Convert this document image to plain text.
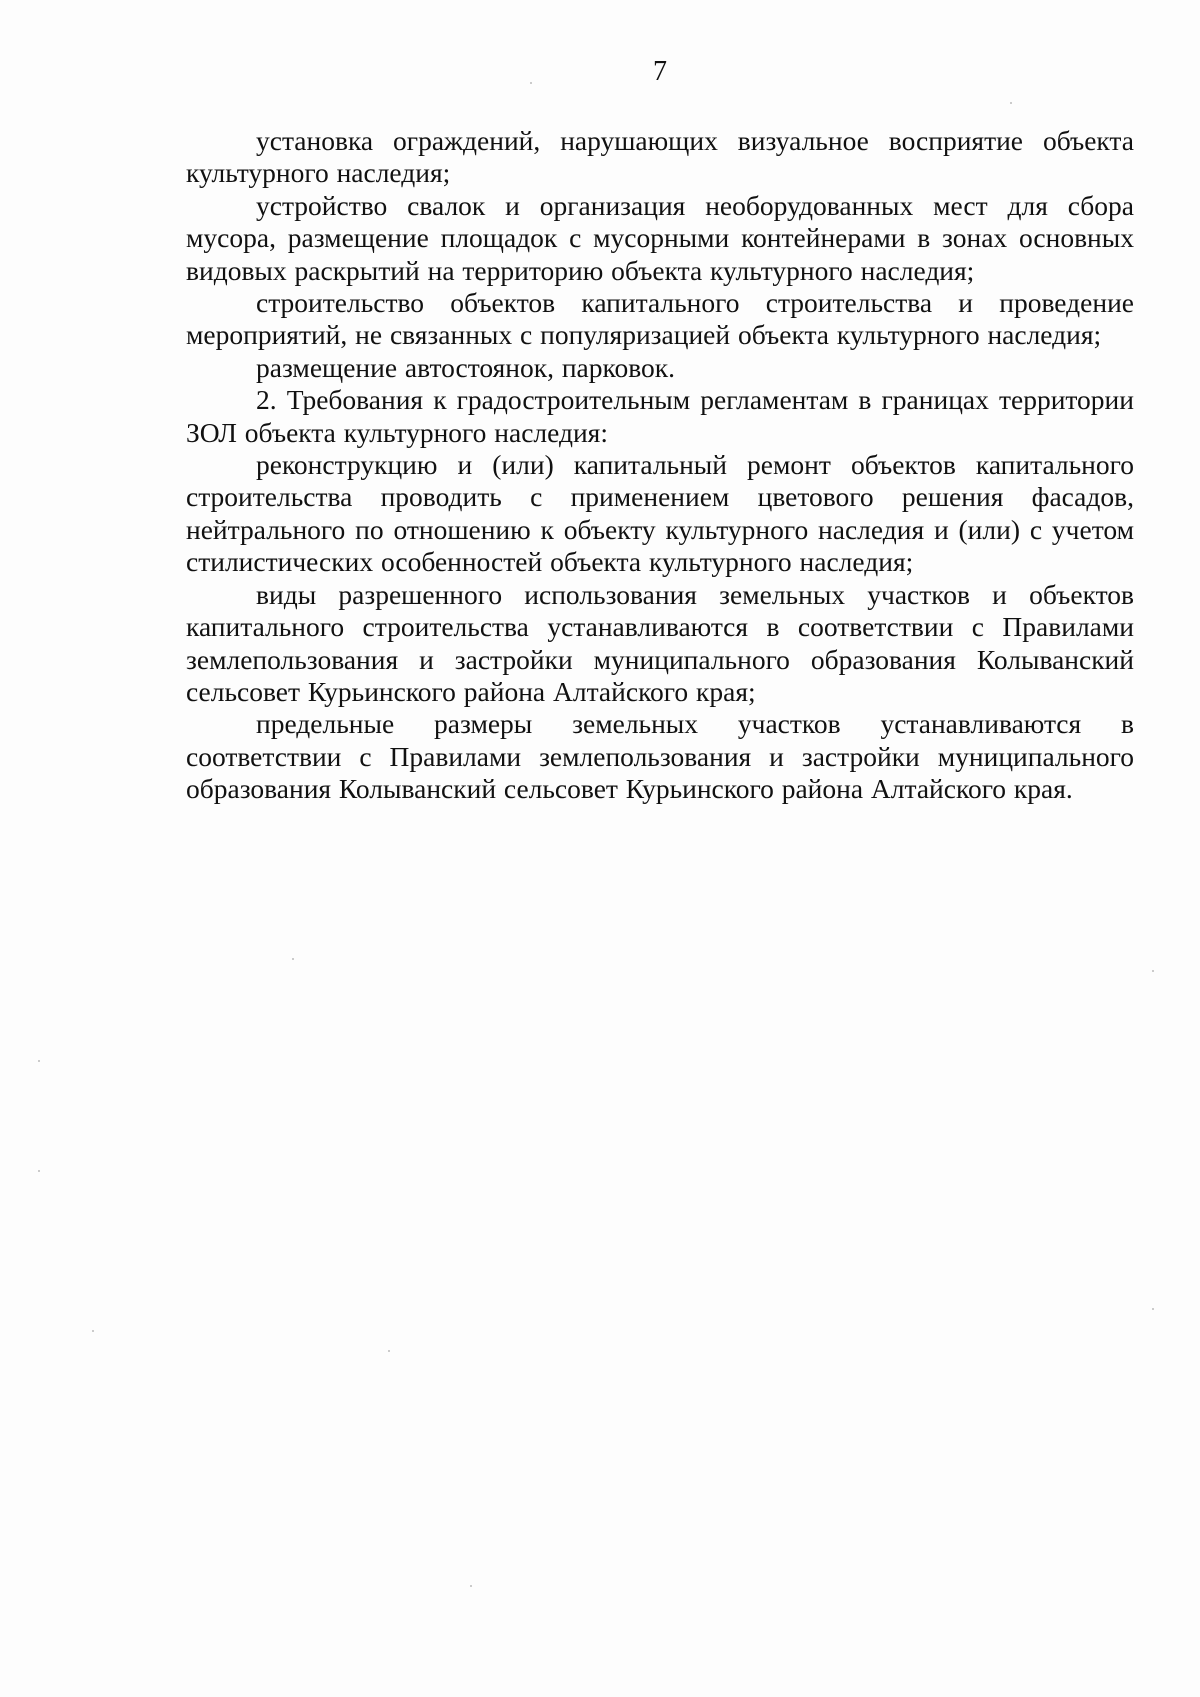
7

установка ограждений, нарушающих визуальное восприятие объекта культурного наследия;

устройство свалок и организация необорудованных мест для сбора мусора, размещение площадок с мусорными контейнерами в зонах основных видовых раскрытий на территорию объекта культурного наследия;

строительство объектов капитального строительства и проведение мероприятий, не связанных с популяризацией объекта культурного наследия;

размещение автостоянок, парковок.

2. Требования к градостроительным регламентам в границах территории ЗОЛ объекта культурного наследия:

реконструкцию и (или) капитальный ремонт объектов капитального строительства проводить с применением цветового решения фасадов, нейтрального по отношению к объекту культурного наследия и (или) с учетом стилистических особенностей объекта культурного наследия;

виды разрешенного использования земельных участков и объектов капитального строительства устанавливаются в соответствии с Правилами землепользования и застройки муниципального образования Колыванский сельсовет Курьинского района Алтайского края;

предельные размеры земельных участков устанавливаются в соответствии с Правилами землепользования и застройки муниципального образования Колыванский сельсовет Курьинского района Алтайского края.
